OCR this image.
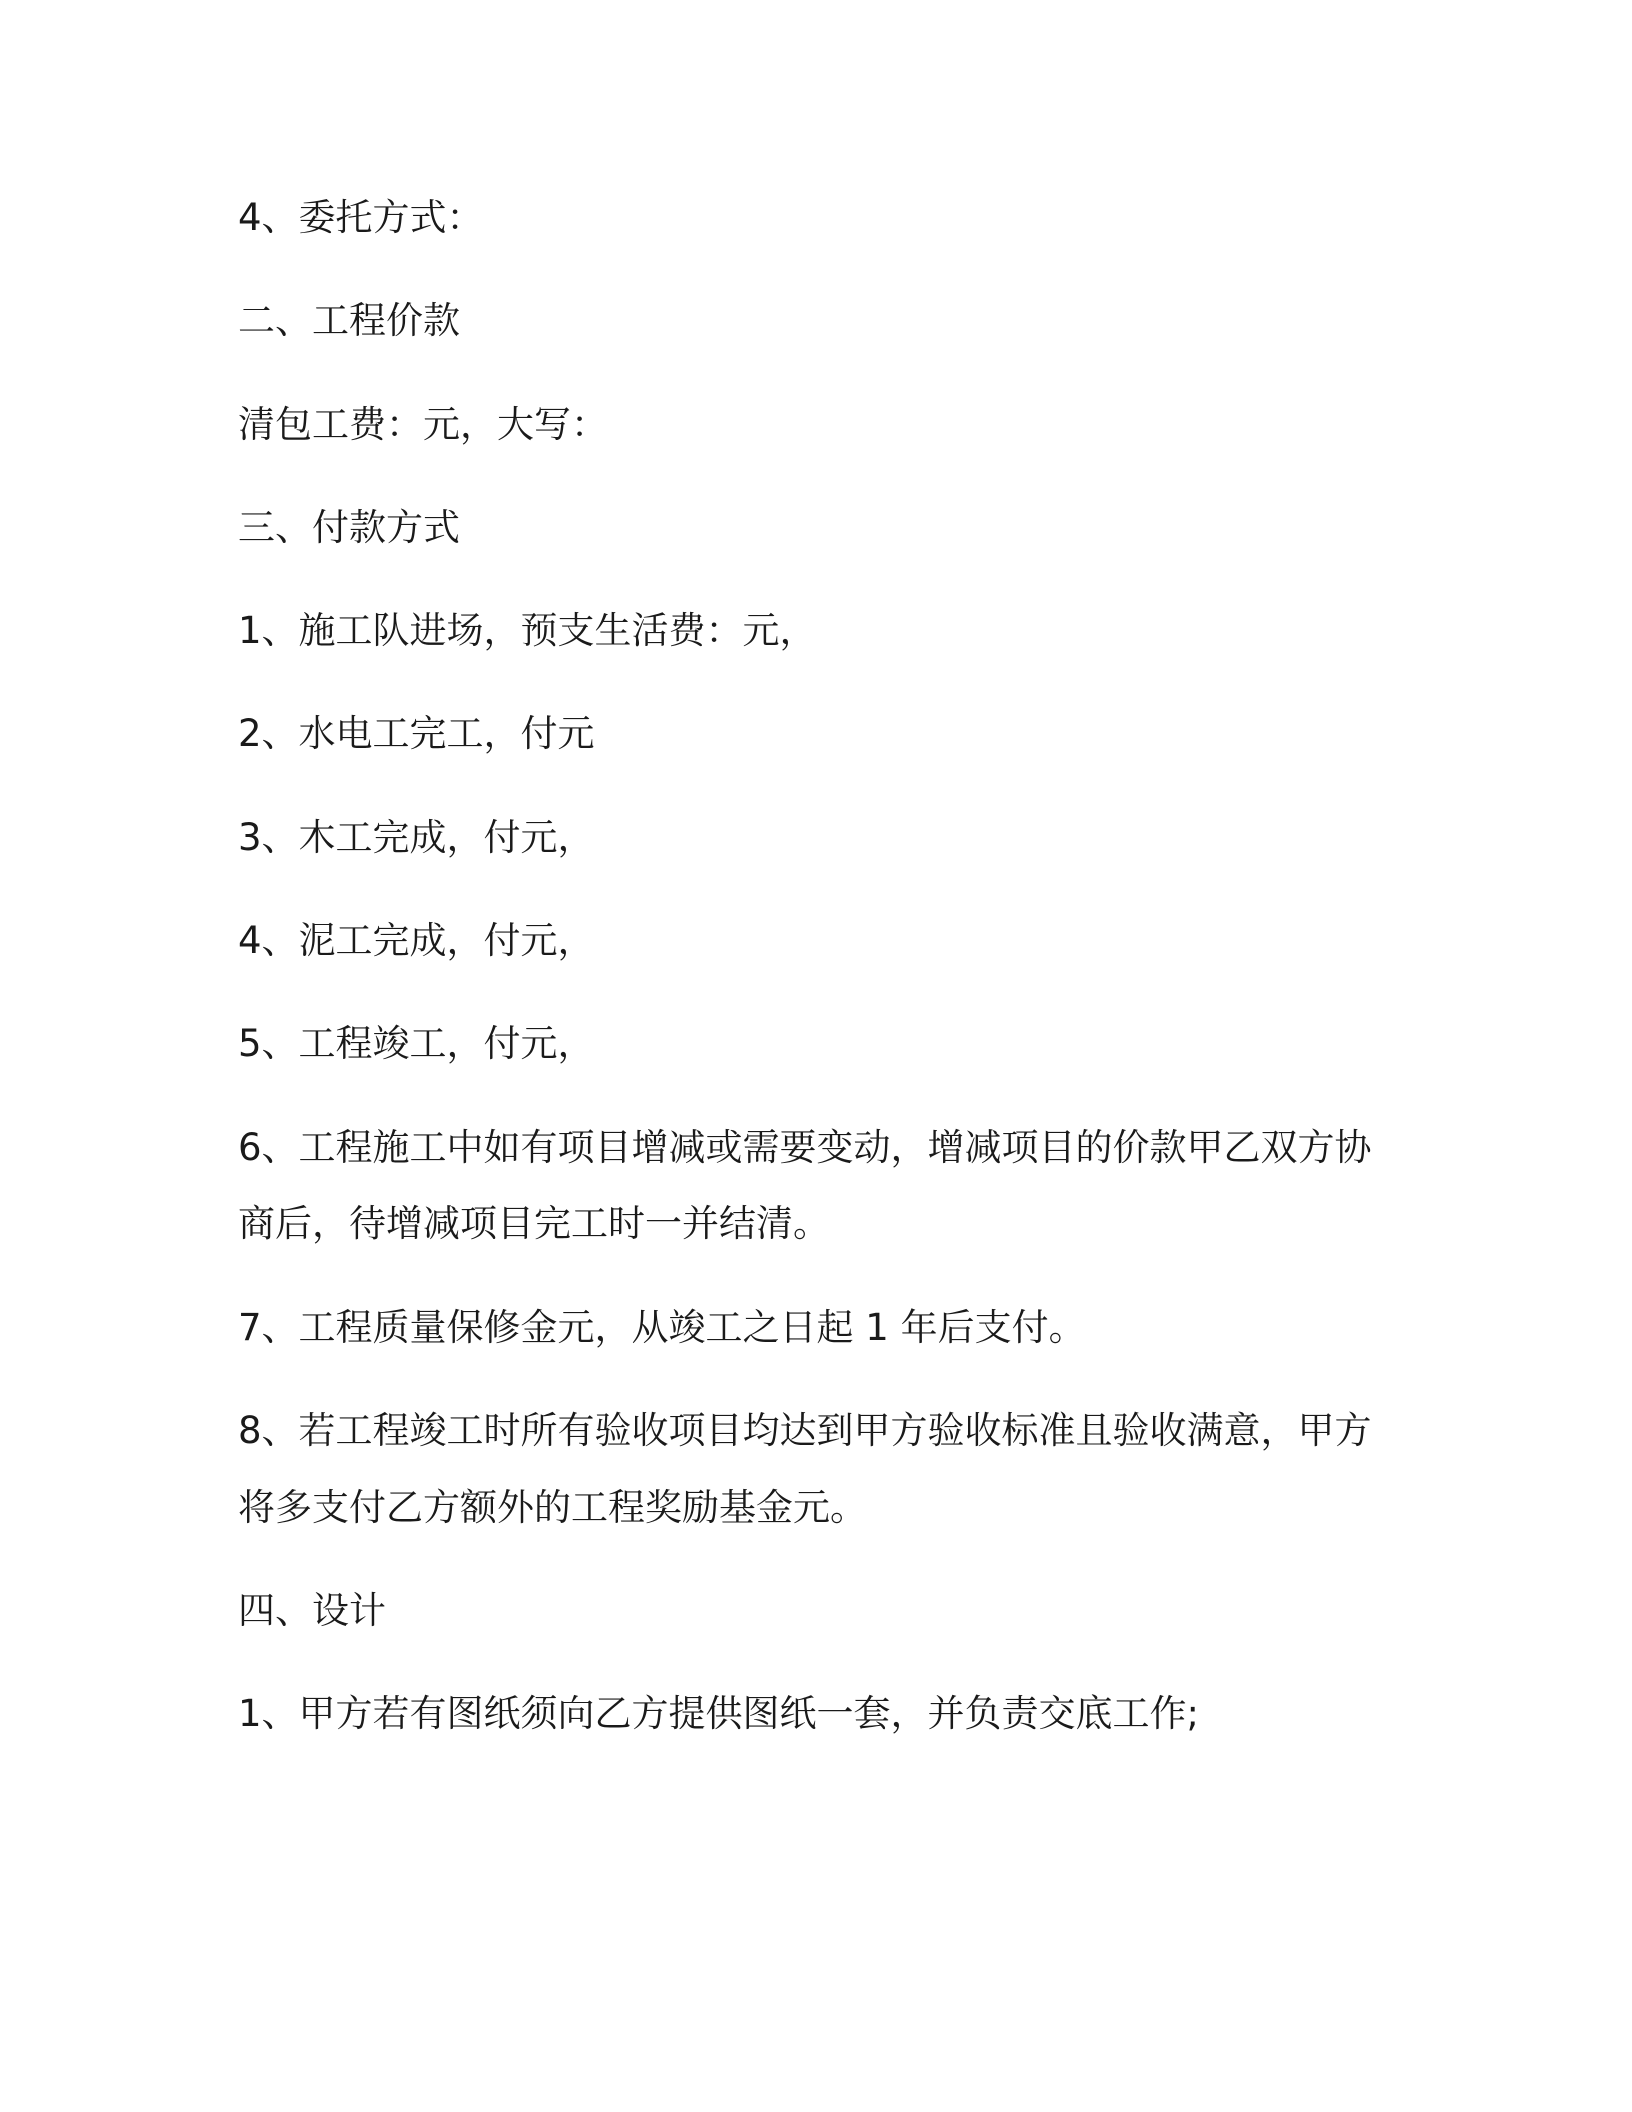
4、委托方式：

二、工程价款

清包工费：元，大写：

三、付款方式

1、施工队进场，预支生活费：元，

2、水电工完工，付元

3、木工完成，付元，

4、泥工完成，付元，

5、工程竣工，付元，

6、工程施工中如有项目增减或需要变动，增减项目的价款甲乙双方协

商后，待增减项目完工时一并结清。

7、工程质量保修金元，从竣工之日起 1 年后支付。

8、若工程竣工时所有验收项目均达到甲方验收标准且验收满意，甲方

将多支付乙方额外的工程奖励基金元。

四、设计

1、甲方若有图纸须向乙方提供图纸一套，并负责交底工作;
